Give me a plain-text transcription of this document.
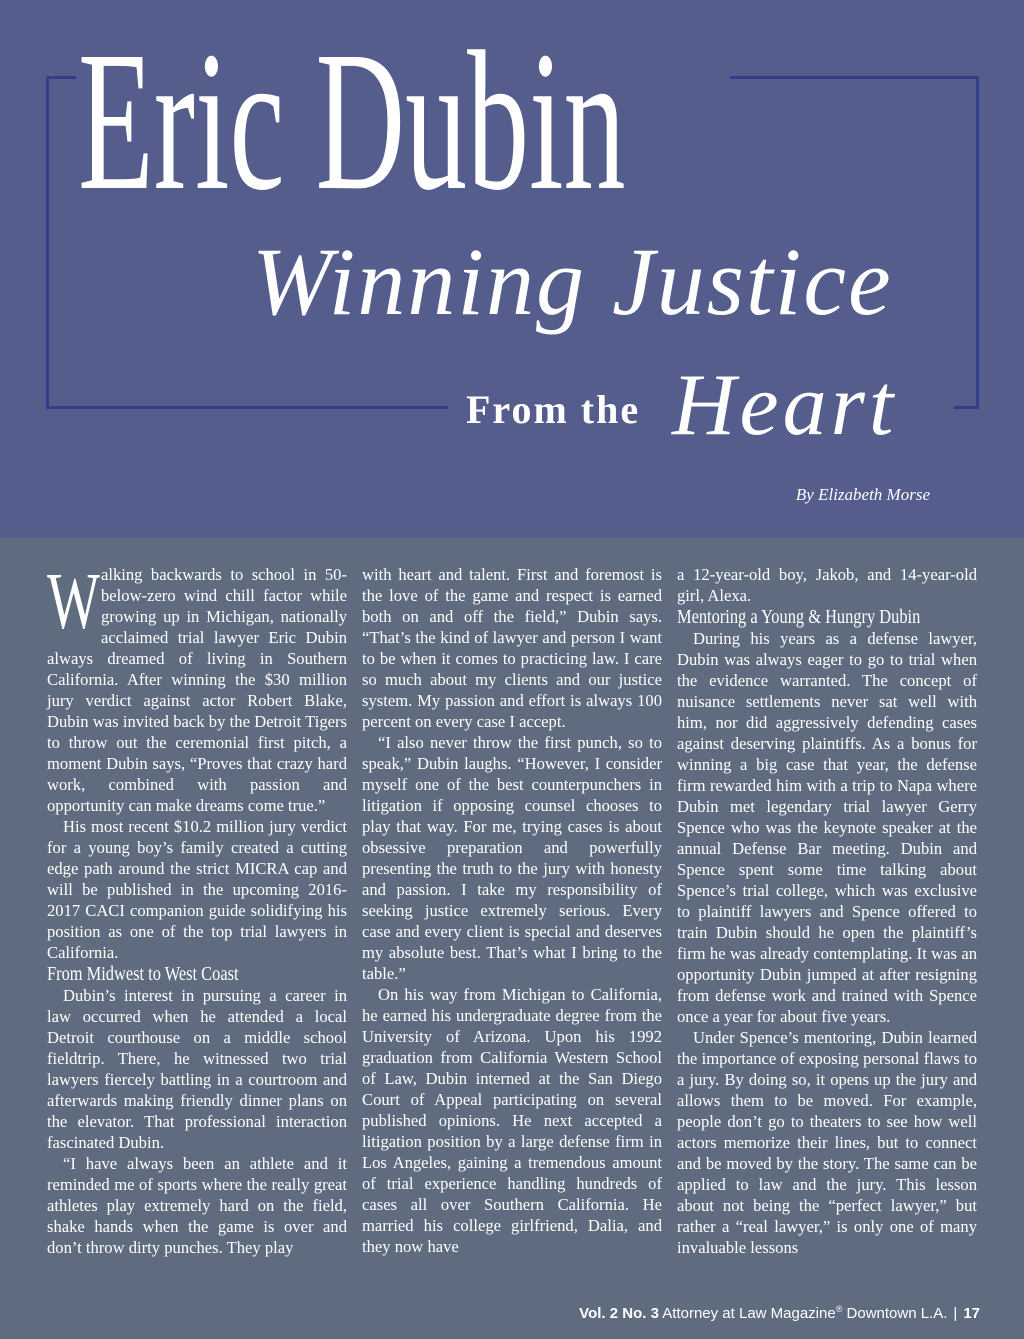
Eric Dubin
Winning Justice
From the Heart
By Elizabeth Morse

Walking backwards to school in 50-below-zero wind chill factor while growing up in Michigan, nationally acclaimed trial lawyer Eric Dubin always dreamed of living in Southern California. After winning the $30 million jury verdict against actor Robert Blake, Dubin was invited back by the Detroit Tigers to throw out the ceremonial first pitch, a moment Dubin says, “Proves that crazy hard work, combined with passion and opportunity can make dreams come true.”

His most recent $10.2 million jury verdict for a young boy’s family created a cutting edge path around the strict MICRA cap and will be published in the upcoming 2016-2017 CACI companion guide solidifying his position as one of the top trial lawyers in California.

From Midwest to West Coast

Dubin’s interest in pursuing a career in law occurred when he attended a local Detroit courthouse on a middle school fieldtrip. There, he witnessed two trial lawyers fiercely battling in a courtroom and afterwards making friendly dinner plans on the elevator. That professional interaction fascinated Dubin.

“I have always been an athlete and it reminded me of sports where the really great athletes play extremely hard on the field, shake hands when the game is over and don’t throw dirty punches. They play

with heart and talent. First and foremost is the love of the game and respect is earned both on and off the field,” Dubin says. “That’s the kind of lawyer and person I want to be when it comes to practicing law. I care so much about my clients and our justice system. My passion and effort is always 100 percent on every case I accept.

“I also never throw the first punch, so to speak,” Dubin laughs. “However, I consider myself one of the best counterpunchers in litigation if opposing counsel chooses to play that way. For me, trying cases is about obsessive preparation and powerfully presenting the truth to the jury with honesty and passion. I take my responsibility of seeking justice extremely serious. Every case and every client is special and deserves my absolute best. That’s what I bring to the table.”

On his way from Michigan to California, he earned his undergraduate degree from the University of Arizona. Upon his 1992 graduation from California Western School of Law, Dubin interned at the San Diego Court of Appeal participating on several published opinions. He next accepted a litigation position by a large defense firm in Los Angeles, gaining a tremendous amount of trial experience handling hundreds of cases all over Southern California. He married his college girlfriend, Dalia, and they now have

a 12-year-old boy, Jakob, and 14-year-old girl, Alexa.

Mentoring a Young & Hungry Dubin

During his years as a defense lawyer, Dubin was always eager to go to trial when the evidence warranted. The concept of nuisance settlements never sat well with him, nor did aggressively defending cases against deserving plaintiffs. As a bonus for winning a big case that year, the defense firm rewarded him with a trip to Napa where Dubin met legendary trial lawyer Gerry Spence who was the keynote speaker at the annual Defense Bar meeting. Dubin and Spence spent some time talking about Spence’s trial college, which was exclusive to plaintiff lawyers and Spence offered to train Dubin should he open the plaintiff’s firm he was already contemplating. It was an opportunity Dubin jumped at after resigning from defense work and trained with Spence once a year for about five years.

Under Spence’s mentoring, Dubin learned the importance of exposing personal flaws to a jury. By doing so, it opens up the jury and allows them to be moved. For example, people don’t go to theaters to see how well actors memorize their lines, but to connect and be moved by the story. The same can be applied to law and the jury. This lesson about not being the “perfect lawyer,” but rather a “real lawyer,” is only one of many invaluable lessons

Vol. 2 No. 3 Attorney at Law Magazine® Downtown L.A. | 17
